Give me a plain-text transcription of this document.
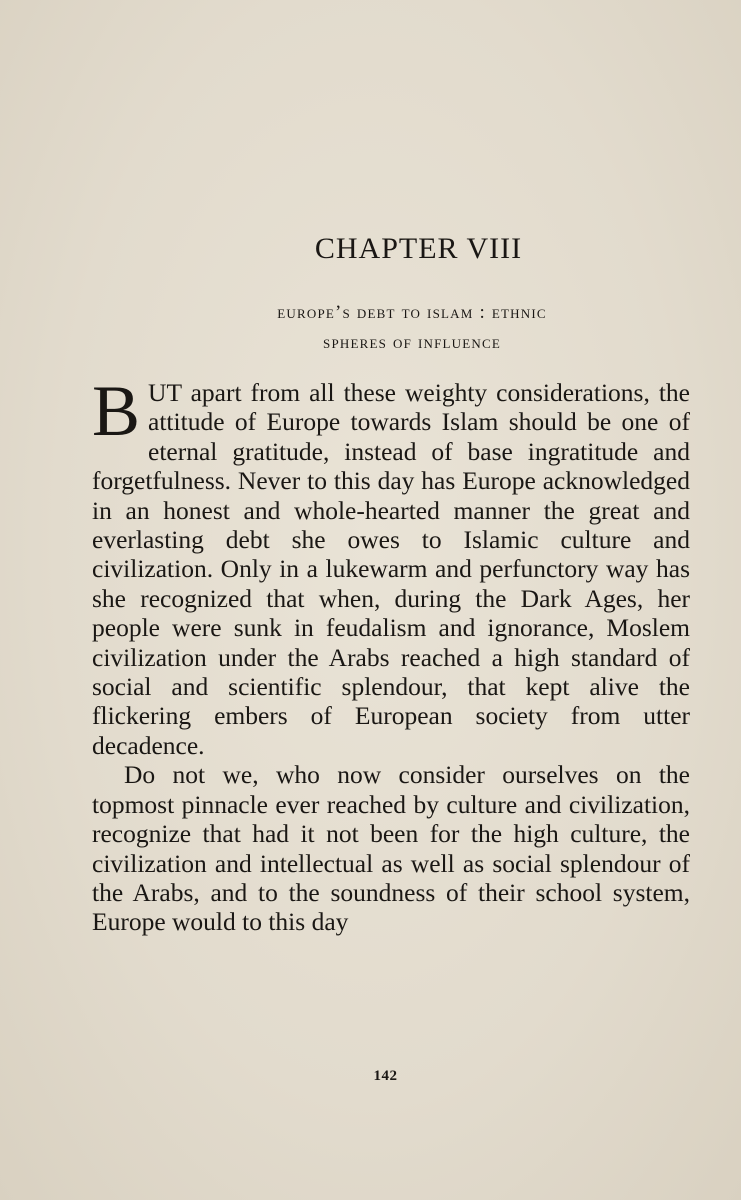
CHAPTER VIII
europe’s debt to islam : ethnic
spheres of influence

BUT apart from all these weighty considerations, the attitude of Europe towards Islam should be one of eternal gratitude, instead of base ingratitude and forgetfulness. Never to this day has Europe acknowledged in an honest and whole-hearted manner the great and everlasting debt she owes to Islamic culture and civilization. Only in a lukewarm and perfunctory way has she recognized that when, during the Dark Ages, her people were sunk in feudalism and ignorance, Moslem civilization under the Arabs reached a high standard of social and scientific splendour, that kept alive the flickering embers of European society from utter decadence.

Do not we, who now consider ourselves on the topmost pinnacle ever reached by culture and civilization, recognize that had it not been for the high culture, the civilization and intellectual as well as social splendour of the Arabs, and to the soundness of their school system, Europe would to this day

142
